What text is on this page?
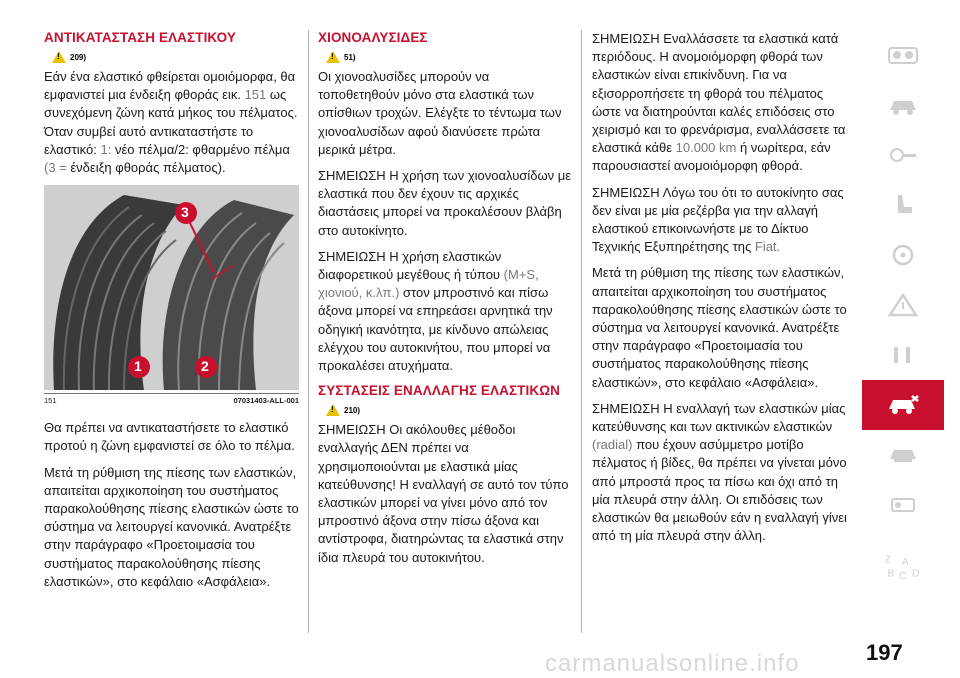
ΑΝΤΙΚΑΤΑΣΤΑΣΗ ΕΛΑΣΤΙΚΟΥ
!
209)

Εάν ένα ελαστικό φθείρεται ομοιόμορφα, θα εμφανιστεί μια ένδειξη φθοράς εικ. 151 ως συνεχόμενη ζώνη κατά μήκος του πέλματος. Όταν συμβεί αυτό αντικαταστήστε το ελαστικό: 1: νέο πέλμα/2: φθαρμένο πέλμα (3 = ένδειξη φθοράς πέλματος).

1	2
3
151	07031403-ALL-001

Θα πρέπει να αντικαταστήσετε το ελαστικό προτού η ζώνη εμφανιστεί σε όλο το πέλμα.

Μετά τη ρύθμιση της πίεσης των ελαστικών, απαιτείται αρχικοποίηση του συστήματος παρακολούθησης πίεσης ελαστικών ώστε το σύστημα να λειτουργεί κανονικά. Ανατρέξτε στην παράγραφο «Προετοιμασία του συστήματος παρακολούθησης πίεσης ελαστικών», στο κεφάλαιο «Ασφάλεια».

ΧΙΟΝΟΑΛΥΣΙΔΕΣ
!
51)

Οι χιονοαλυσίδες μπορούν να τοποθετηθούν μόνο στα ελαστικά των οπίσθιων τροχών. Ελέγξτε το τέντωμα των χιονοαλυσίδων αφού διανύσετε πρώτα μερικά μέτρα.

ΣΗΜΕΙΩΣΗ Η χρήση των χιονοαλυσίδων με ελαστικά που δεν έχουν τις αρχικές διαστάσεις μπορεί να προκαλέσουν βλάβη στο αυτοκίνητο.

ΣΗΜΕΙΩΣΗ Η χρήση ελαστικών διαφορετικού μεγέθους ή τύπου (M+S, χιονιού, κ.λπ.) στον μπροστινό και πίσω άξονα μπορεί να επηρεάσει αρνητικά την οδηγική ικανότητα, με κίνδυνο απώλειας ελέγχου του αυτοκινήτου, που μπορεί να προκαλέσει ατυχήματα.

ΣΥΣΤΑΣΕΙΣ ΕΝΑΛΛΑΓΗΣ ΕΛΑΣΤΙΚΩΝ
!
210)

ΣΗΜΕΙΩΣΗ Οι ακόλουθες μέθοδοι εναλλαγής ΔΕΝ πρέπει να χρησιμοποιούνται με ελαστικά μίας κατεύθυνσης! Η εναλλαγή σε αυτό τον τύπο ελαστικών μπορεί να γίνει μόνο από τον μπροστινό άξονα στην πίσω άξονα και αντίστροφα, διατηρώντας τα ελαστικά στην ίδια πλευρά του αυτοκινήτου.

ΣΗΜΕΙΩΣΗ Εναλλάσσετε τα ελαστικά κατά περιόδους. Η ανομοιόμορφη φθορά των ελαστικών είναι επικίνδυνη. Για να εξισορροπήσετε τη φθορά του πέλματος ώστε να διατηρούνται καλές επιδόσεις στο χειρισμό και το φρενάρισμα, εναλλάσσετε τα ελαστικά κάθε 10.000 km ή νωρίτερα, εάν παρουσιαστεί ανομοιόμορφη φθορά.

ΣΗΜΕΙΩΣΗ Λόγω του ότι το αυτοκίνητο σας δεν είναι με μία ρεζέρβα για την αλλαγή ελαστικού επικοινωνήστε με το Δίκτυο Τεχνικής Εξυπηρέτησης της Fiat.

Μετά τη ρύθμιση της πίεσης των ελαστικών, απαιτείται αρχικοποίηση του συστήματος παρακολούθησης πίεσης ελαστικών ώστε το σύστημα να λειτουργεί κανονικά. Ανατρέξτε στην παράγραφο «Προετοιμασία του συστήματος παρακολούθησης πίεσης ελαστικών», στο κεφάλαιο «Ασφάλεια».

ΣΗΜΕΙΩΣΗ Η εναλλαγή των ελαστικών μίας κατεύθυνσης και των ακτινικών ελαστικών (radial) που έχουν ασύμμετρο μοτίβο πέλματος ή βίδες, θα πρέπει να γίνεται μόνο από μπροστά προς τα πίσω και όχι από τη μία πλευρά στην άλλη. Οι επιδόσεις των ελαστικών θα μειωθούν εάν η εναλλαγή γίνει από τη μία πλευρά στην άλλη.

Z A
B C D
197
carmanualsonline.info
